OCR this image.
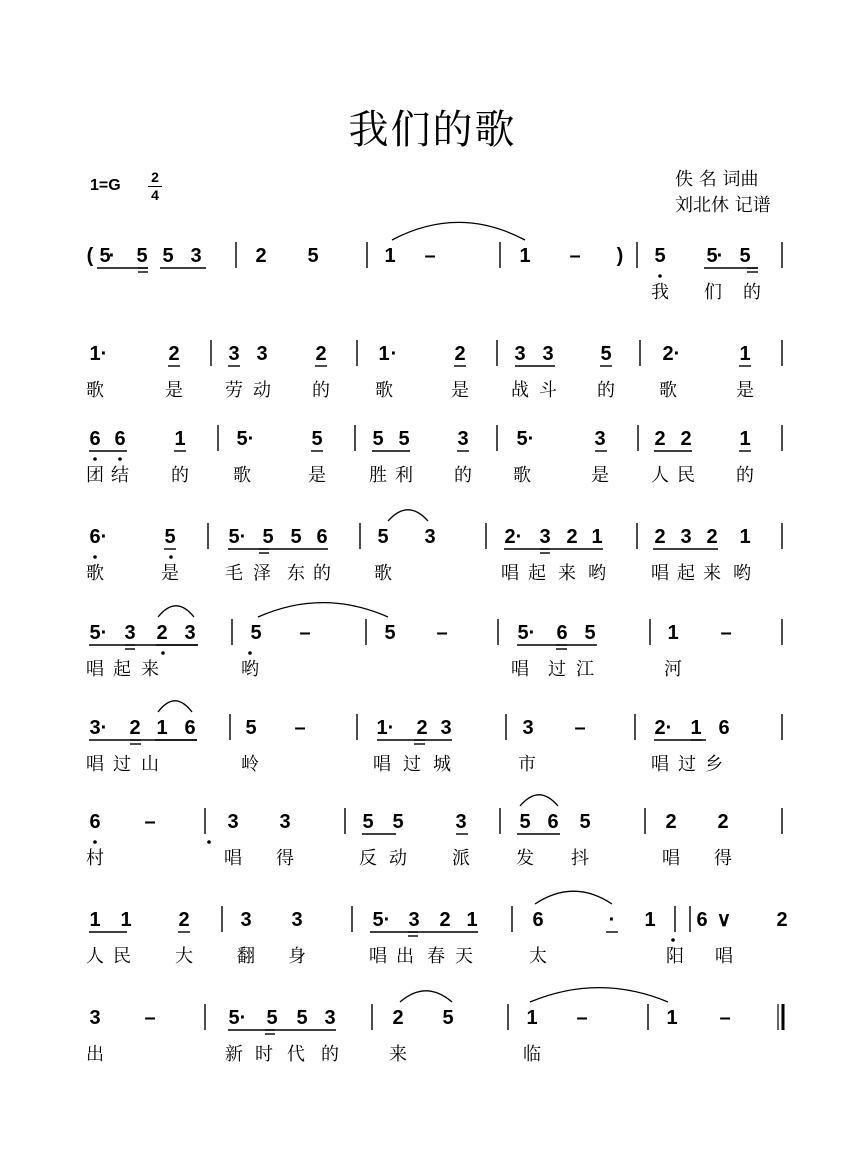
我们的歌
1=G 2
4
佚 名 词曲
刘北休 记谱
( 5
· 5 5 3	2 5	1 –	1 – ) 5 5 · 5
我 们 的
1 ·	2 3 3 2	1 ·	2 3 3 5	2 ·	1
歌	是 劳 动 的	歌	是 战 斗 的 歌	是
6 6 1	5 ·	5 5 5 3 5 ·	3 2 2 1
团 结 的 歌	是 胜 利 的 歌	是 人 民 的
6 ·	5	5 · 5 5 6 5 3	2 · 3 2 1	2 3 2 1
歌	是	毛 泽 东 的 歌	唱 起 来 哟	唱 起 来 哟
5 · 3 2 3	5 –	5 –	5 · 6 5	1 –
唱 起 来	哟	唱 过 江	河
3 · 2 1 6 5 –	1 · 2 3	3 –	2 · 1 6
唱 过 山	岭	唱 过 城	市	唱 过 乡
6 –	3 3	5 5	3	5 6 5	2 2
村	唱 得	反 动	派	发 抖	唱 得
1 1 2	3 3	5 · 3 2 1	6	· 1 6 ∨ 2
人 民 大 翻 身	唱 出 春 天	太	阳 唱
3 –	5 · 5 5 3	2 5	1 –	1 –
出	新 时 代 的	来	临
